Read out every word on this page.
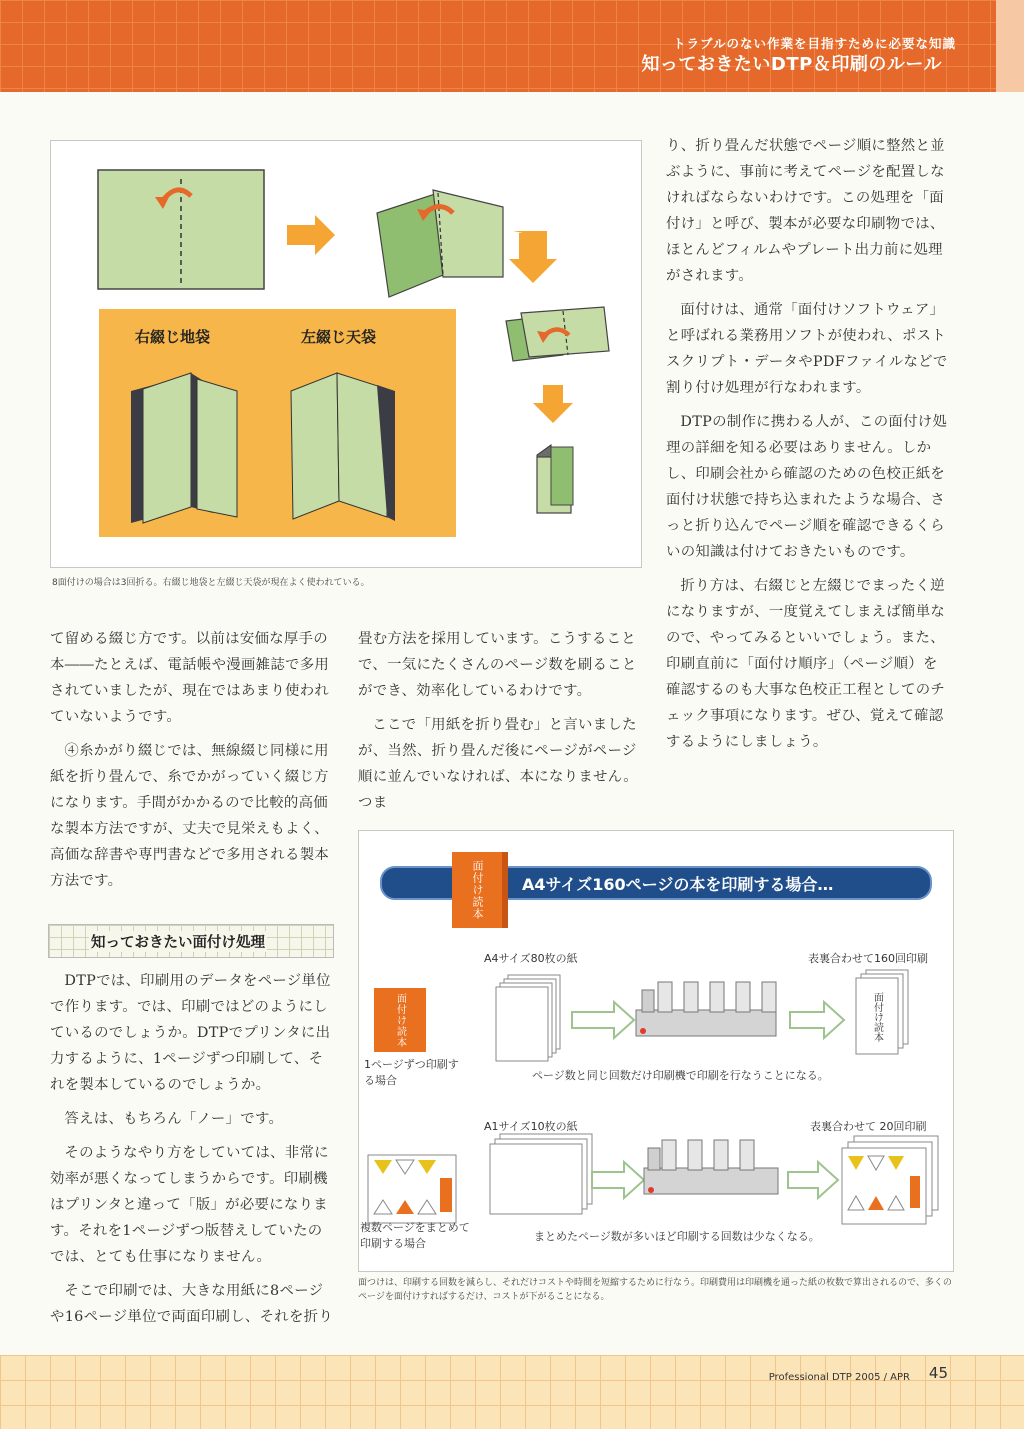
トラブルのない作業を目指すために必要な知識
知っておきたいDTP＆印刷のルール
右綴じ地袋	左綴じ天袋
8面付けの場合は3回折る。右綴じ地袋と左綴じ天袋が現在よく使われている。

り、折り畳んだ状態でページ順に整然と並ぶように、事前に考えてページを配置しなければならないわけです。この処理を「面付け」と呼び、製本が必要な印刷物では、ほとんどフィルムやプレート出力前に処理がされます。

面付けは、通常「面付けソフトウェア」と呼ばれる業務用ソフトが使われ、ポストスクリプト・データやPDFファイルなどで割り付け処理が行なわれます。

DTPの制作に携わる人が、この面付け処理の詳細を知る必要はありません。しかし、印刷会社から確認のための色校正紙を面付け状態で持ち込まれたような場合、さっと折り込んでページ順を確認できるくらいの知識は付けておきたいものです。

折り方は、右綴じと左綴じでまったく逆になりますが、一度覚えてしまえば簡単なので、やってみるといいでしょう。また、印刷直前に「面付け順序」（ページ順）を確認するのも大事な色校正工程としてのチェック事項になります。ぜひ、覚えて確認するようにしましょう。

て留める綴じ方です。以前は安価な厚手の本――たとえば、電話帳や漫画雑誌で多用されていましたが、現在ではあまり使われていないようです。

④糸かがり綴じでは、無線綴じ同様に用紙を折り畳んで、糸でかがっていく綴じ方になります。手間がかかるので比較的高価な製本方法ですが、丈夫で見栄えもよく、高価な辞書や専門書などで多用される製本方法です。

知っておきたい面付け処理

DTPでは、印刷用のデータをページ単位で作ります。では、印刷ではどのようにしているのでしょうか。DTPでプリンタに出力するように、1ページずつ印刷して、それを製本しているのでしょうか。

答えは、もちろん「ノー」です。

そのようなやり方をしていては、非常に効率が悪くなってしまうからです。印刷機はプリンタと違って「版」が必要になります。それを1ページずつ版替えしていたのでは、とても仕事になりません。

そこで印刷では、大きな用紙に8ページや16ページ単位で両面印刷し、それを折り

畳む方法を採用しています。こうすることで、一気にたくさんのページ数を刷ることができ、効率化しているわけです。

ここで「用紙を折り畳む」と言いましたが、当然、折り畳んだ後にページがページ順に並んでいなければ、本になりません。つま

A4サイズ160ページの本を印刷する場合…
面付け読本
面付け読本
1ページずつ印刷する場合
A4サイズ80枚の紙	表裏合わせて160回印刷
ページ数と同じ回数だけ印刷機で印刷を行なうことになる。
面付け読本
A1サイズ10枚の紙	表裏合わせて 20回印刷
複数ページをまとめて印刷する場合
まとめたページ数が多いほど印刷する回数は少なくなる。
面つけは、印刷する回数を減らし、それだけコストや時間を短縮するために行なう。印刷費用は印刷機を通った紙の枚数で算出されるので、多くのページを面付けすればするだけ、コストが下がることになる。
Professional DTP 2005 / APR 45
